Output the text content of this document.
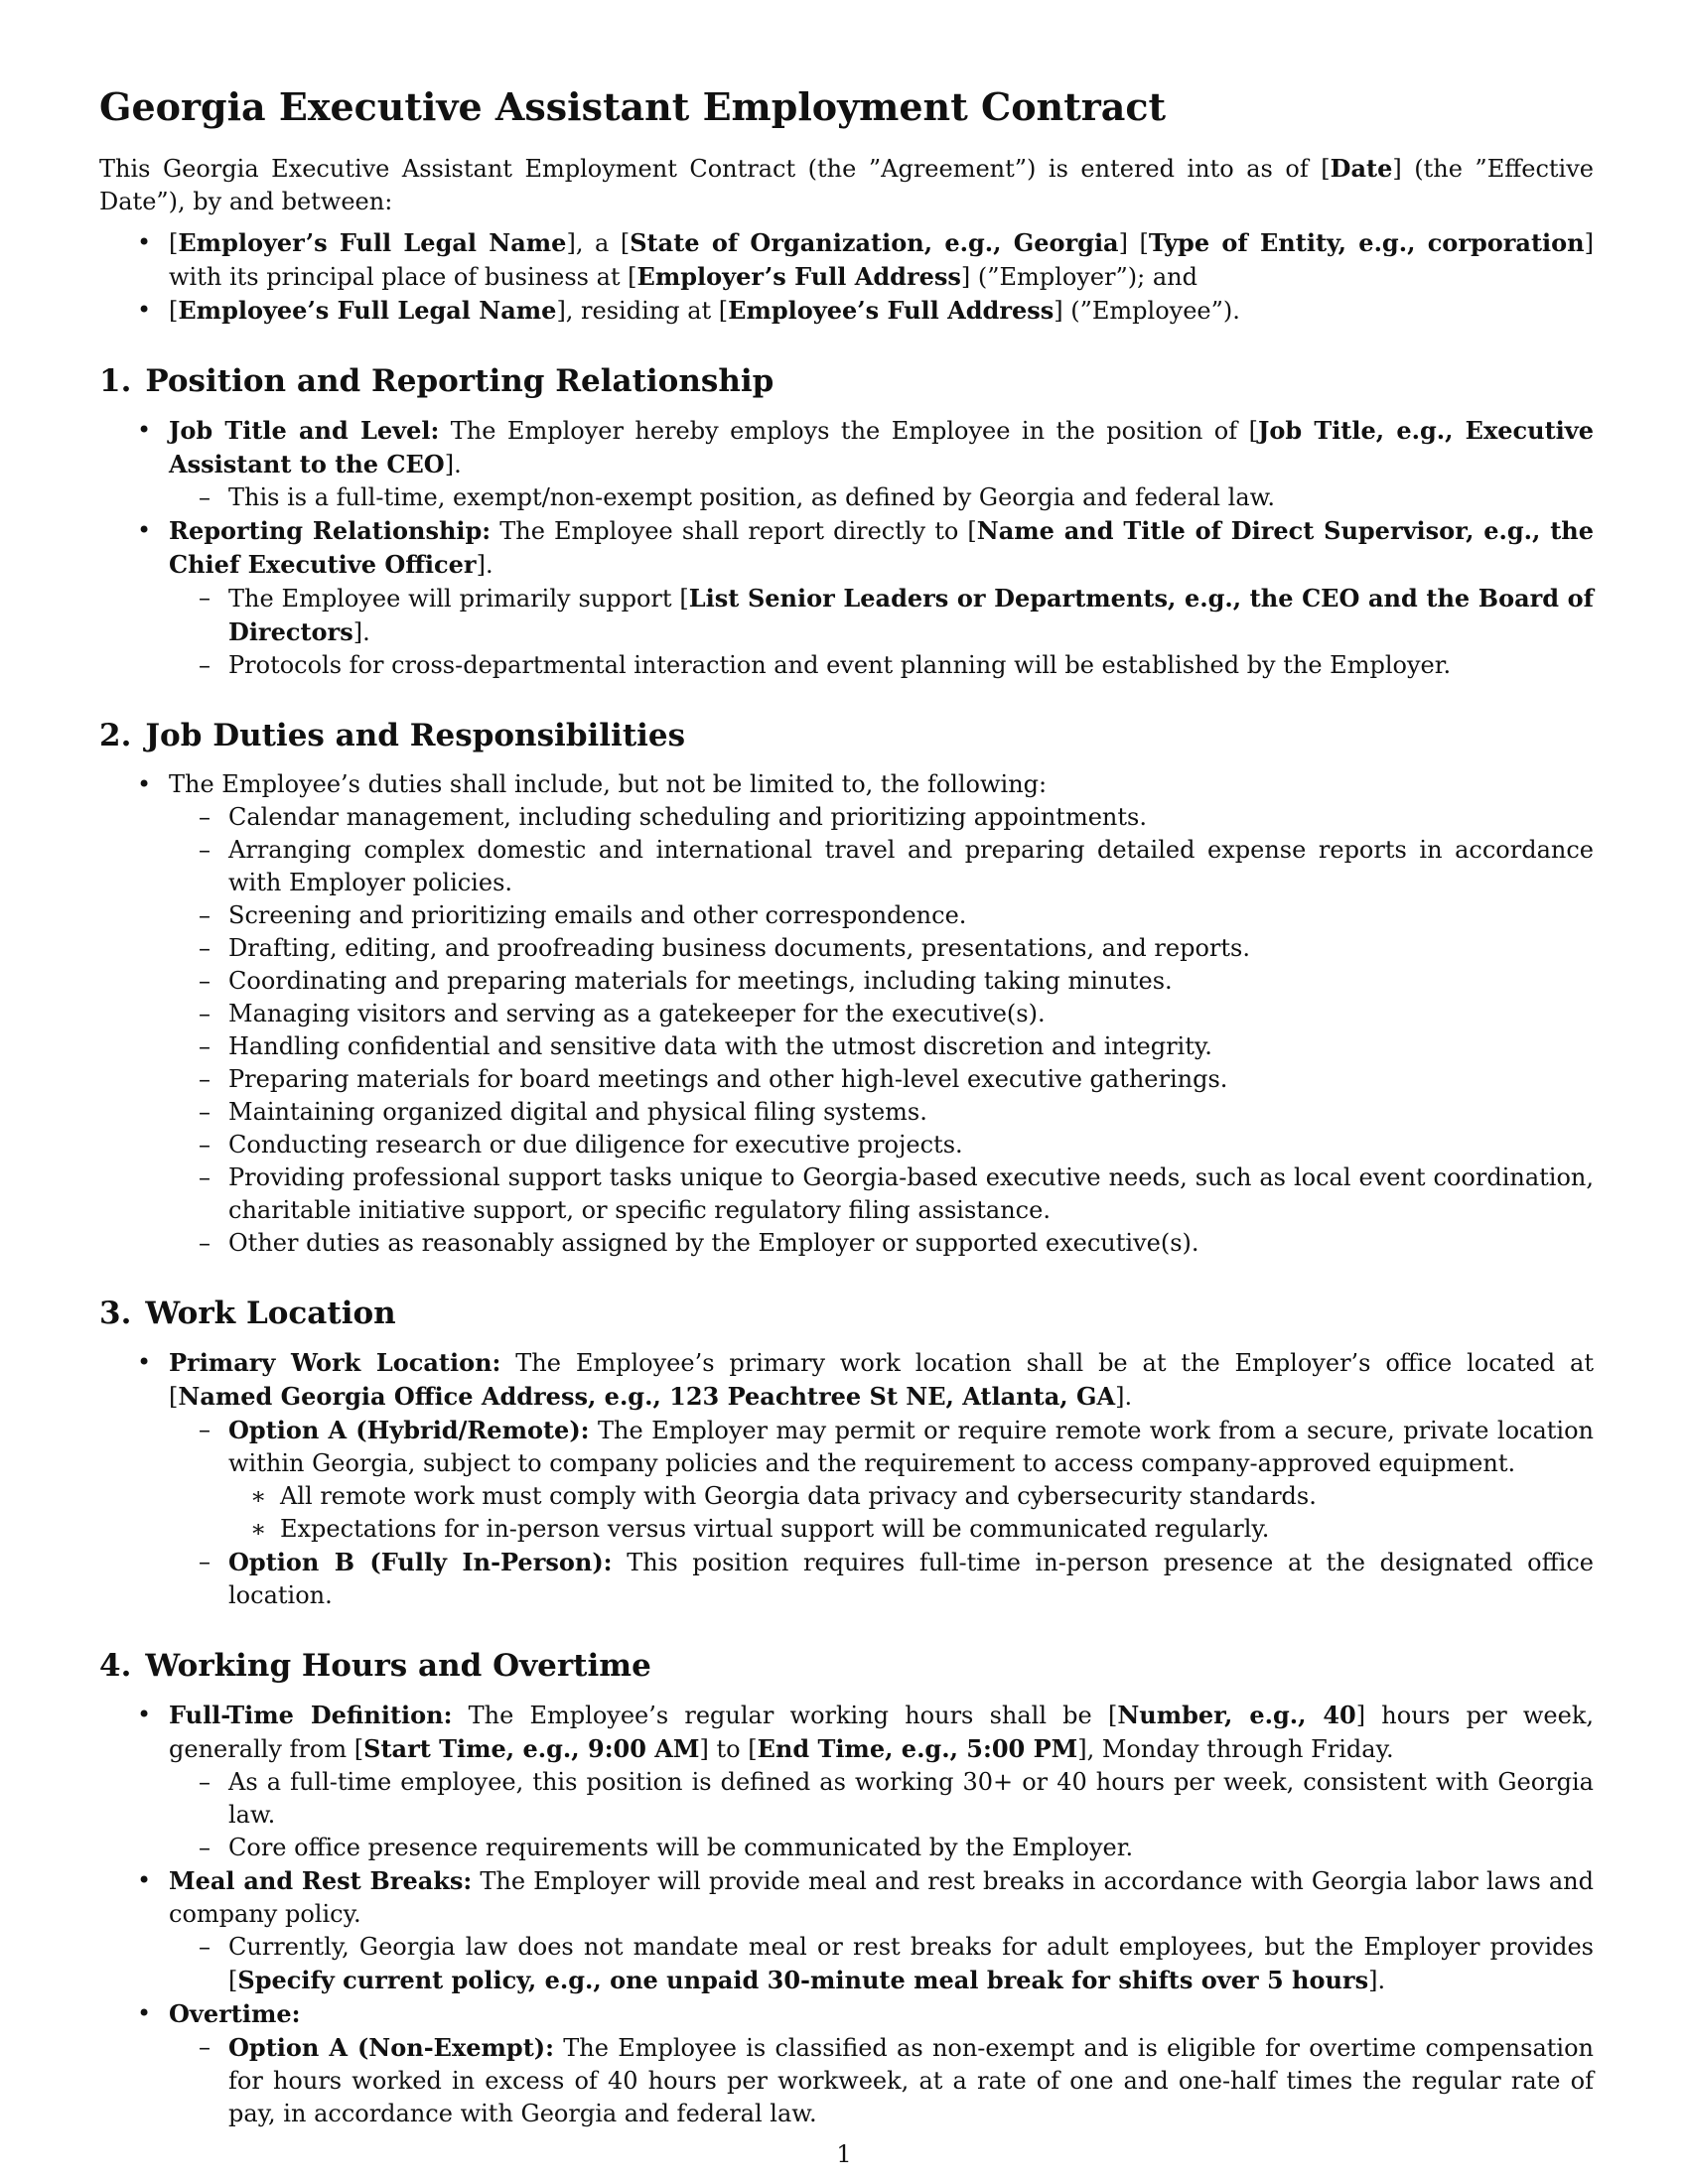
Georgia Executive Assistant Employment Contract

This Georgia Executive Assistant Employment Contract (the ”Agreement”) is entered into as of [Date] (the ”Effective Date”), by and between:

• [Employer’s Full Legal Name], a [State of Organization, e.g., Georgia] [Type of Entity, e.g., corporation] with its principal place of business at [Employer’s Full Address] (”Employer”); and
• [Employee’s Full Legal Name], residing at [Employee’s Full Address] (”Employee”).
1. Position and Reporting Relationship
• Job Title and Level: The Employer hereby employs the Employee in the position of [Job Title, e.g., Executive Assistant to the CEO].
– This is a full-time, exempt/non-exempt position, as defined by Georgia and federal law.
• Reporting Relationship: The Employee shall report directly to [Name and Title of Direct Supervisor, e.g., the Chief Executive Officer].
– The Employee will primarily support [List Senior Leaders or Departments, e.g., the CEO and the Board of Directors].
– Protocols for cross-departmental interaction and event planning will be established by the Employer.
2. Job Duties and Responsibilities
• The Employee’s duties shall include, but not be limited to, the following:
– Calendar management, including scheduling and prioritizing appointments.
– Arranging complex domestic and international travel and preparing detailed expense reports in accordance with Employer policies.
– Screening and prioritizing emails and other correspondence.
– Drafting, editing, and proofreading business documents, presentations, and reports.
– Coordinating and preparing materials for meetings, including taking minutes.
– Managing visitors and serving as a gatekeeper for the executive(s).
– Handling confidential and sensitive data with the utmost discretion and integrity.
– Preparing materials for board meetings and other high-level executive gatherings.
– Maintaining organized digital and physical filing systems.
– Conducting research or due diligence for executive projects.
– Providing professional support tasks unique to Georgia-based executive needs, such as local event coordination, charitable initiative support, or specific regulatory filing assistance.
– Other duties as reasonably assigned by the Employer or supported executive(s).
3. Work Location
• Primary Work Location: The Employee’s primary work location shall be at the Employer’s office located at [Named Georgia Office Address, e.g., 123 Peachtree St NE, Atlanta, GA].
– Option A (Hybrid/Remote): The Employer may permit or require remote work from a secure, private location within Georgia, subject to company policies and the requirement to access company-approved equipment.
∗ All remote work must comply with Georgia data privacy and cybersecurity standards.
∗ Expectations for in-person versus virtual support will be communicated regularly.
– Option B (Fully In-Person): This position requires full-time in-person presence at the designated office location.
4. Working Hours and Overtime
• Full-Time Definition: The Employee’s regular working hours shall be [Number, e.g., 40] hours per week, generally from [Start Time, e.g., 9:00 AM] to [End Time, e.g., 5:00 PM], Monday through Friday.
– As a full-time employee, this position is defined as working 30+ or 40 hours per week, consistent with Georgia law.
– Core office presence requirements will be communicated by the Employer.
• Meal and Rest Breaks: The Employer will provide meal and rest breaks in accordance with Georgia labor laws and company policy.
– Currently, Georgia law does not mandate meal or rest breaks for adult employees, but the Employer provides [Specify current policy, e.g., one unpaid 30-minute meal break for shifts over 5 hours].
• Overtime:
– Option A (Non-Exempt): The Employee is classified as non-exempt and is eligible for overtime compensation for hours worked in excess of 40 hours per workweek, at a rate of one and one-half times the regular rate of pay, in accordance with Georgia and federal law.
1
